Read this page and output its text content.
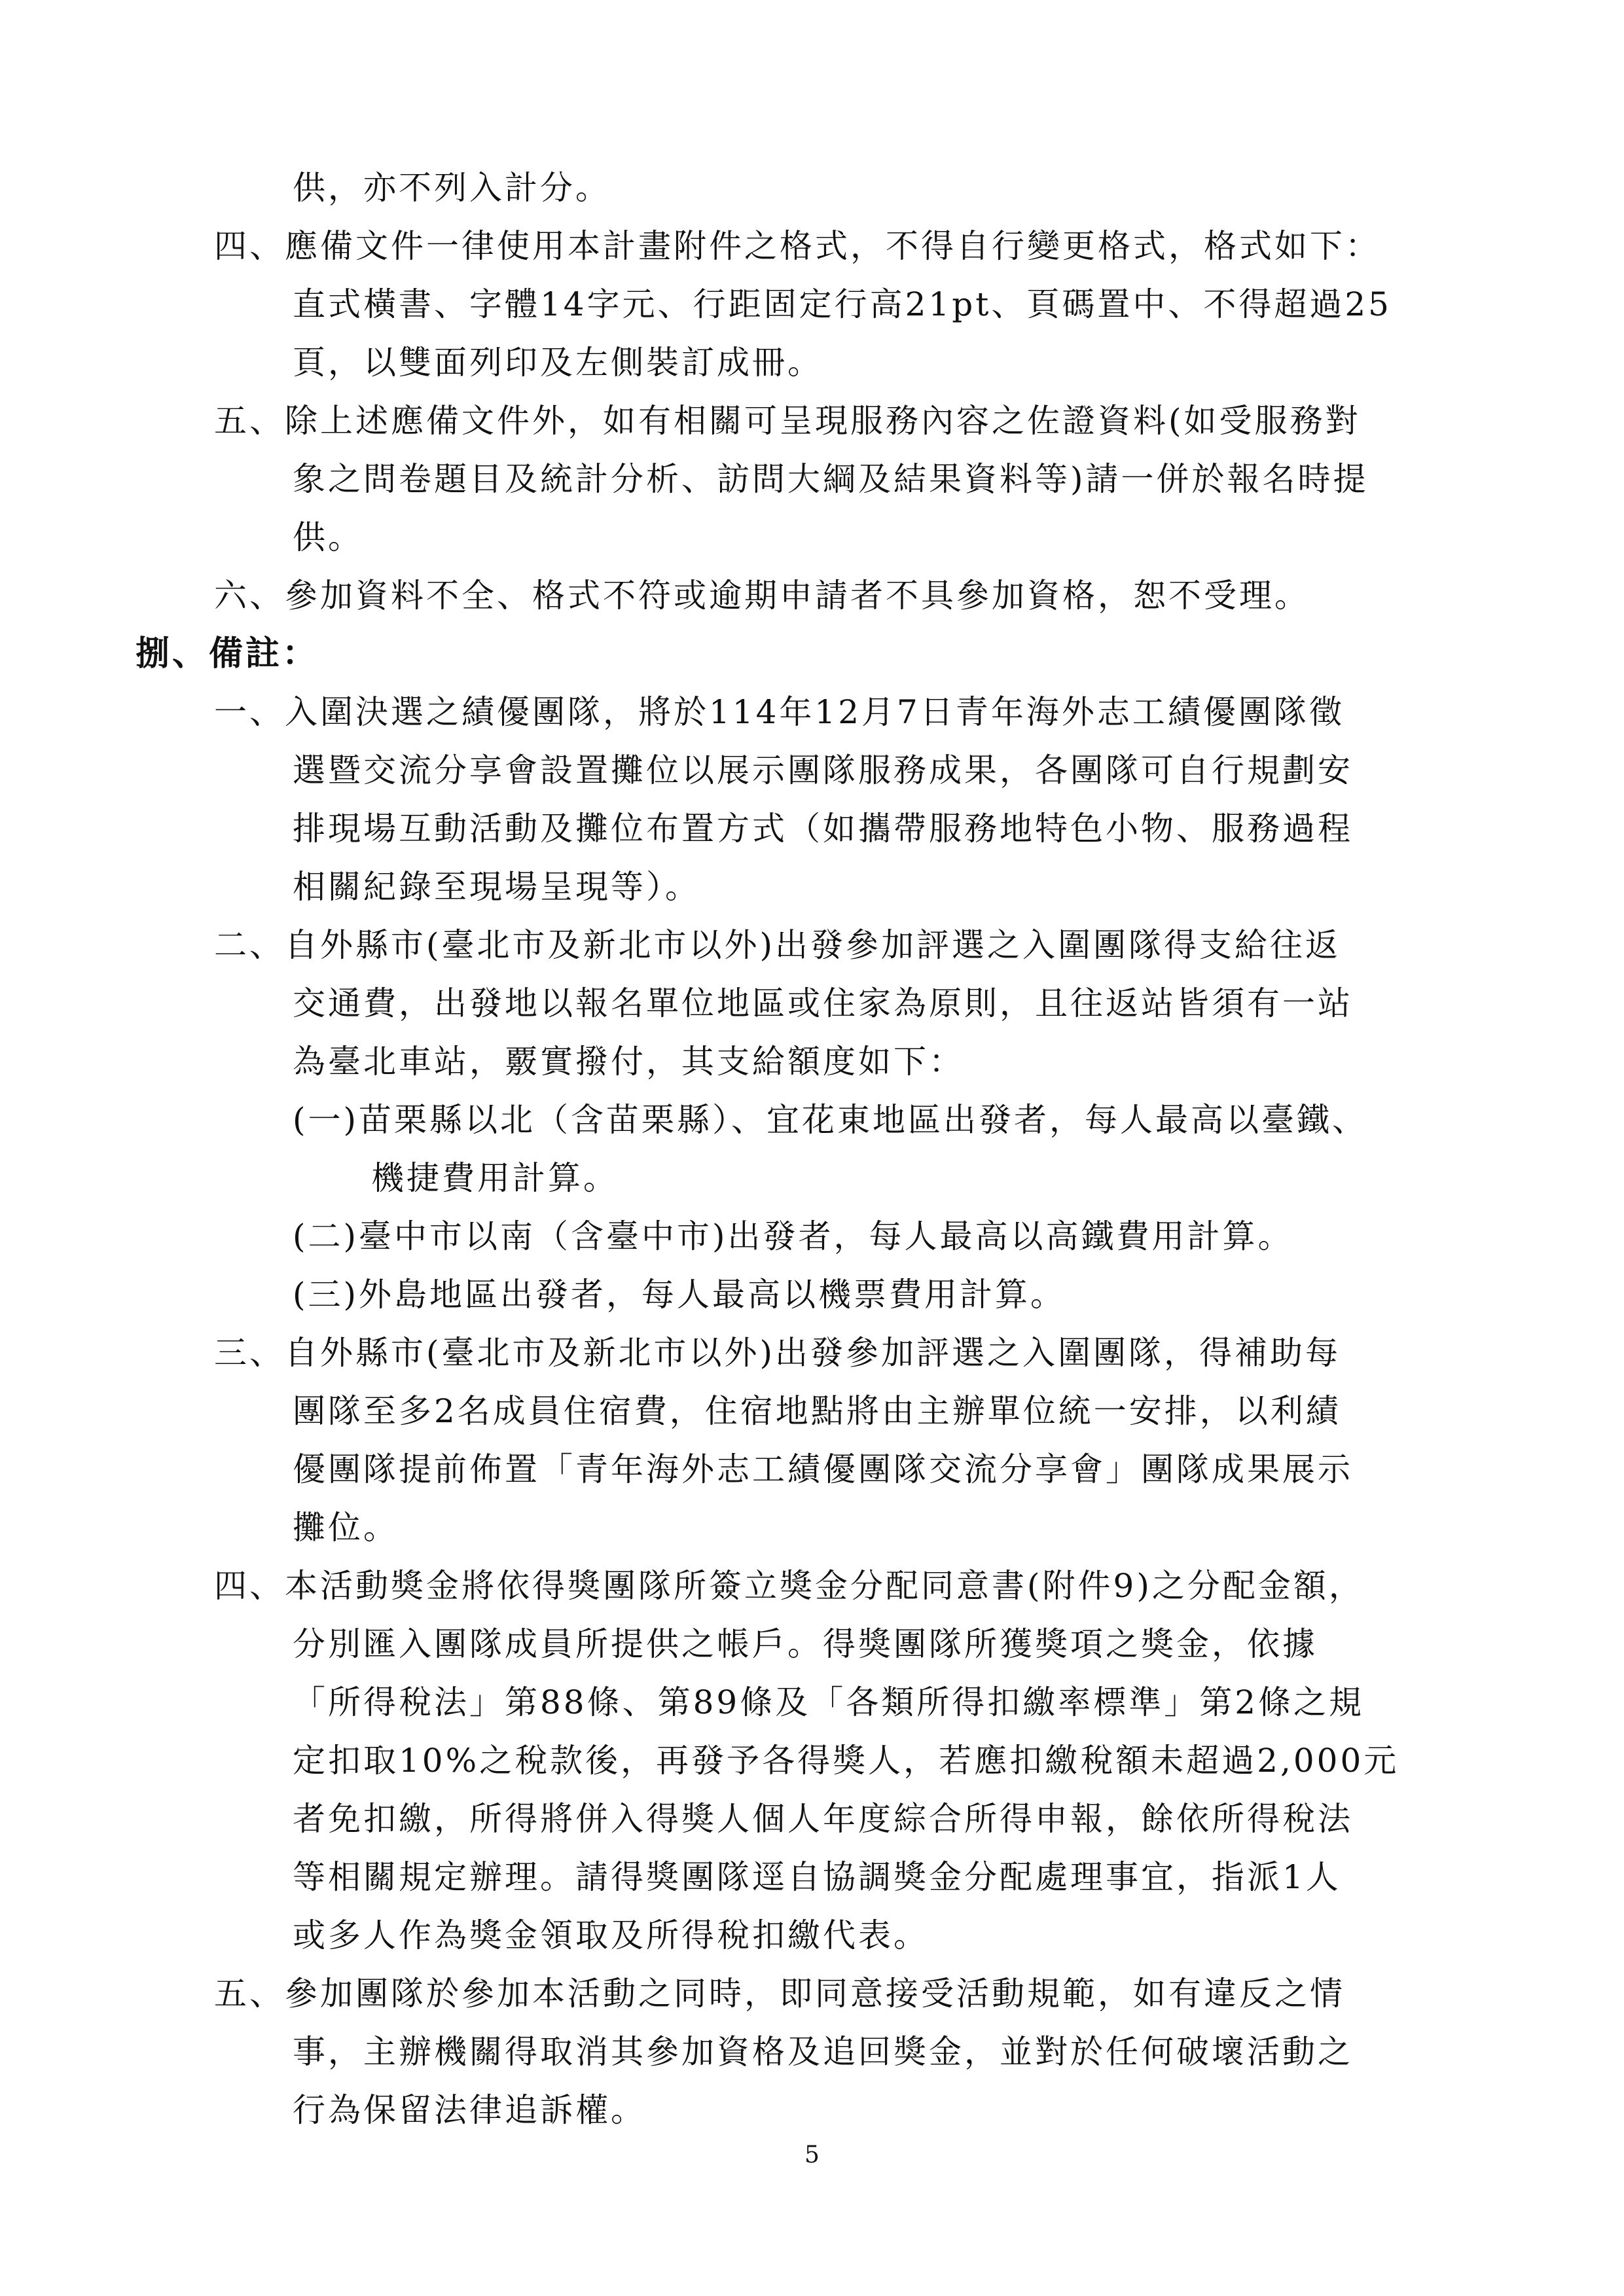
供，亦不列入計分。
四、應備文件一律使用本計畫附件之格式，不得自行變更格式，格式如下：
直式橫書、字體14字元、行距固定行高21pt、頁碼置中、不得超過25
頁，以雙面列印及左側裝訂成冊。
五、除上述應備文件外，如有相關可呈現服務內容之佐證資料(如受服務對
象之問卷題目及統計分析、訪問大綱及結果資料等)請一併於報名時提
供。
六、參加資料不全、格式不符或逾期申請者不具參加資格，恕不受理。
捌、備註：
一、入圍決選之績優團隊，將於114年12月7日青年海外志工績優團隊徵
選暨交流分享會設置攤位以展示團隊服務成果，各團隊可自行規劃安
排現場互動活動及攤位布置方式（如攜帶服務地特色小物、服務過程
相關紀錄至現場呈現等）。
二、自外縣市(臺北市及新北市以外)出發參加評選之入圍團隊得支給往返
交通費，出發地以報名單位地區或住家為原則，且往返站皆須有一站
為臺北車站，覈實撥付，其支給額度如下：
(一)苗栗縣以北（含苗栗縣）、宜花東地區出發者，每人最高以臺鐵、
機捷費用計算。
(二)臺中市以南（含臺中市)出發者，每人最高以高鐵費用計算。
(三)外島地區出發者，每人最高以機票費用計算。
三、自外縣市(臺北市及新北市以外)出發參加評選之入圍團隊，得補助每
團隊至多2名成員住宿費，住宿地點將由主辦單位統一安排，以利績
優團隊提前佈置「青年海外志工績優團隊交流分享會」團隊成果展示
攤位。
四、本活動獎金將依得獎團隊所簽立獎金分配同意書(附件9)之分配金額，
分別匯入團隊成員所提供之帳戶。得獎團隊所獲獎項之獎金，依據
「所得稅法」第88條、第89條及「各類所得扣繳率標準」第2條之規
定扣取10%之稅款後，再發予各得獎人，若應扣繳稅額未超過2,000元
者免扣繳，所得將併入得獎人個人年度綜合所得申報，餘依所得稅法
等相關規定辦理。請得獎團隊逕自協調獎金分配處理事宜，指派1人
或多人作為獎金領取及所得稅扣繳代表。
五、參加團隊於參加本活動之同時，即同意接受活動規範，如有違反之情
事，主辦機關得取消其參加資格及追回獎金，並對於任何破壞活動之
行為保留法律追訴權。
5
